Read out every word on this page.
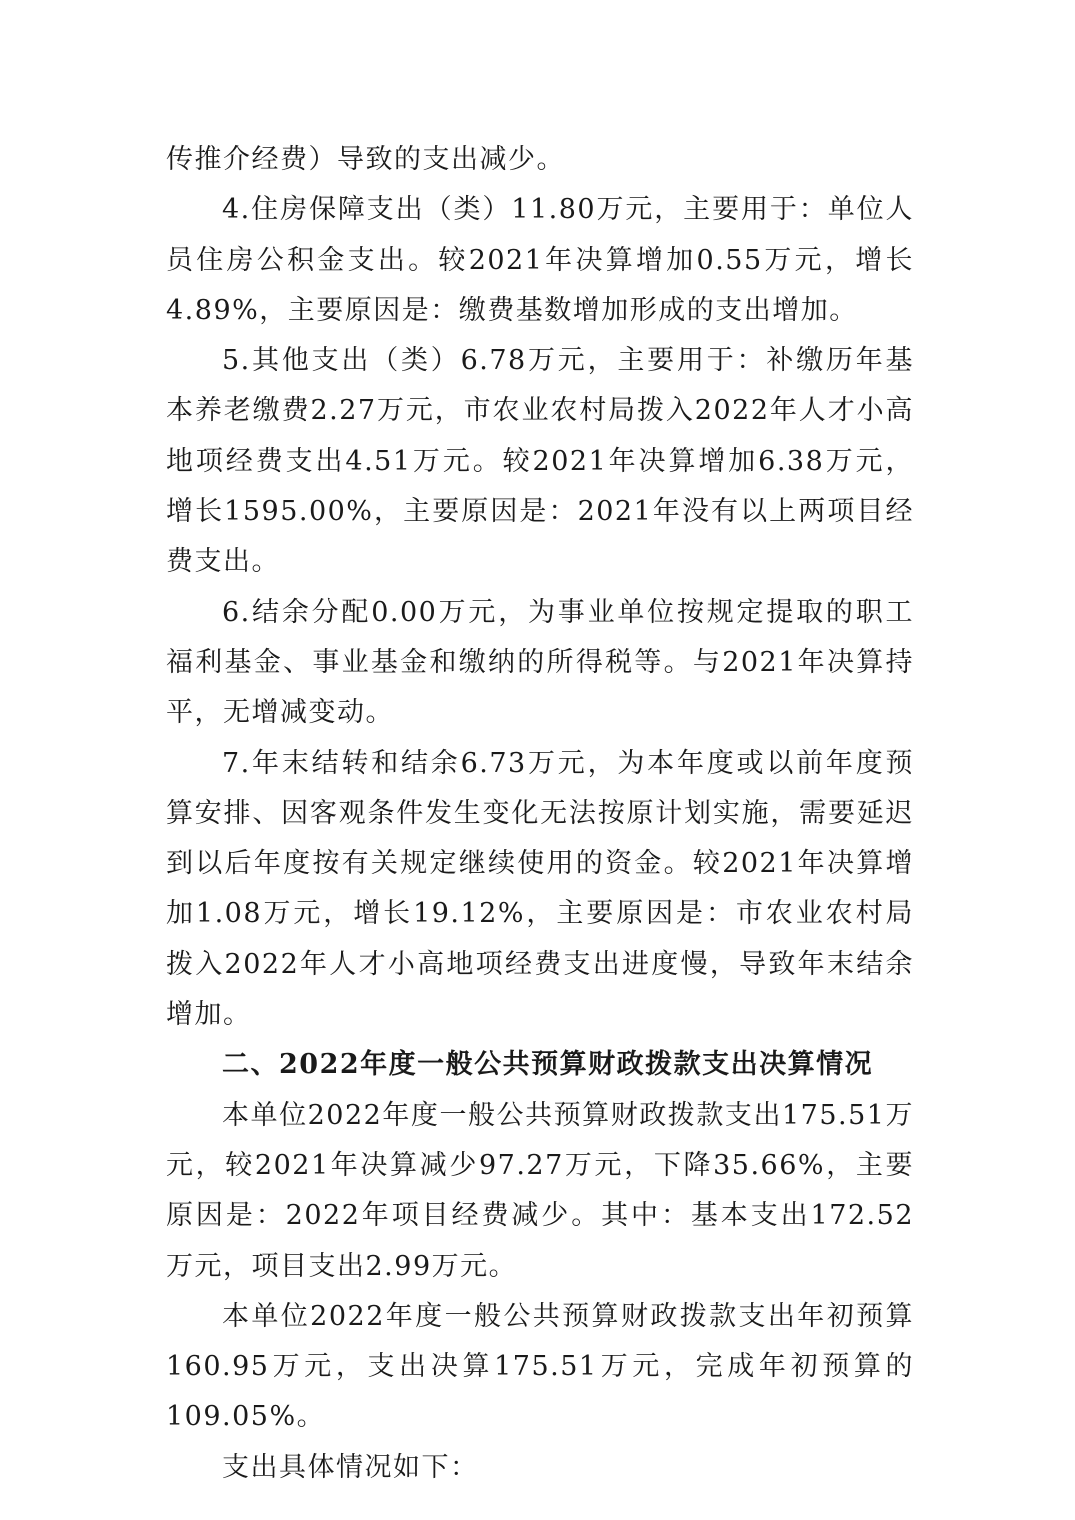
传推介经费）导致的支出减少。

4.住房保障支出（类）11.80万元，主要用于：单位人员住房公积金支出。较2021年决算增加0.55万元，增长4.89%，主要原因是：缴费基数增加形成的支出增加。

5.其他支出（类）6.78万元，主要用于：补缴历年基本养老缴费2.27万元，市农业农村局拨入2022年人才小高地项经费支出4.51万元。较2021年决算增加6.38万元，增长1595.00%，主要原因是：2021年没有以上两项目经费支出。

6.结余分配0.00万元，为事业单位按规定提取的职工福利基金、事业基金和缴纳的所得税等。与2021年决算持平，无增减变动。

7.年末结转和结余6.73万元，为本年度或以前年度预算安排、因客观条件发生变化无法按原计划实施，需要延迟到以后年度按有关规定继续使用的资金。较2021年决算增加1.08万元，增长19.12%，主要原因是：市农业农村局拨入2022年人才小高地项经费支出进度慢，导致年末结余增加。

二、2022年度一般公共预算财政拨款支出决算情况

本单位2022年度一般公共预算财政拨款支出175.51万元，较2021年决算减少97.27万元，下降35.66%，主要原因是：2022年项目经费减少。其中：基本支出172.52万元，项目支出2.99万元。

本单位2022年度一般公共预算财政拨款支出年初预算160.95万元，支出决算175.51万元，完成年初预算的109.05%。

支出具体情况如下：
